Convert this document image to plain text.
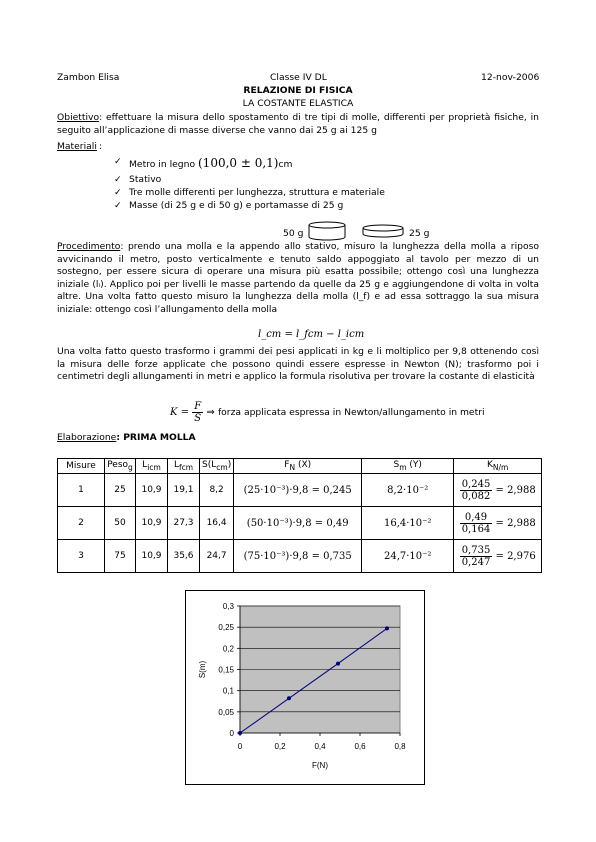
Zambon Elisa	Classe IV DL	12-nov-2006
RELAZIONE DI FISICA
LA COSTANTE ELASTICA
Obiettivo: effettuare la misura dello spostamento di tre tipi di molle, differenti per proprietà fisiche, in seguito all’applicazione di masse diverse che vanno dai 25 g ai 125 g
Materiali :
✓ Metro in legno (100,0 ± 0,1)cm
✓ Stativo
✓ Tre molle differenti per lunghezza, struttura e materiale
✓ Masse (di 25 g e di 50 g) e portamasse di 25 g
50 g	25 g
Procedimento: prendo una molla e la appendo allo stativo, misuro la lunghezza della molla a riposo avvicinando il metro, posto verticalmente e tenuto saldo appoggiato al tavolo per mezzo di un sostegno, per essere sicura di operare una misura più esatta possibile; ottengo così una lunghezza iniziale (lᵢ). Applico poi per livelli le masse partendo da quelle da 25 g e aggiungendone di volta in volta altre. Una volta fatto questo misuro la lunghezza della molla (l_f) e ad essa sottraggo la sua misura iniziale: ottengo così l’allungamento della molla
l_cm = l_fcm − l_icm
Una volta fatto questo trasformo i grammi dei pesi applicati in kg e li moltiplico per 9,8 ottenendo così la misura delle forze applicate che possono quindi essere espresse in Newton (N); trasformo poi i centimetri degli allungamenti in metri e applico la formula risolutiva per trovare la costante di elasticità
$K = \frac{F}{S}$ ⇒ forza applicata espressa in Newton/allungamento in metri
Elaborazione: PRIMA MOLLA
Misure	Peso$_g$	$L_{icm}$	$L_{fcm}$	$S(L_{cm})$	$F_N$ (X)	$S_m$ (Y)	$K_{N/m}$
1	25	10,9	19,1	8,2	(25·10⁻³)·9,8 = 0,245	8,2·10⁻²	$\frac{0,245}{0,082} = 2,988$
2	50	10,9	27,3	16,4	(50·10⁻³)·9,8 = 0,49	16,4·10⁻²	$\frac{0,49}{0,164} = 2,988$
3	75	10,9	35,6	24,7	(75·10⁻³)·9,8 = 0,735	24,7·10⁻²	$\frac{0,735}{0,247} = 2,976$
0
0,05
0,1
0,15
0,2
0,25
0,3
0	0,2	0,4	0,6	0,8
F(N)
S(m)
